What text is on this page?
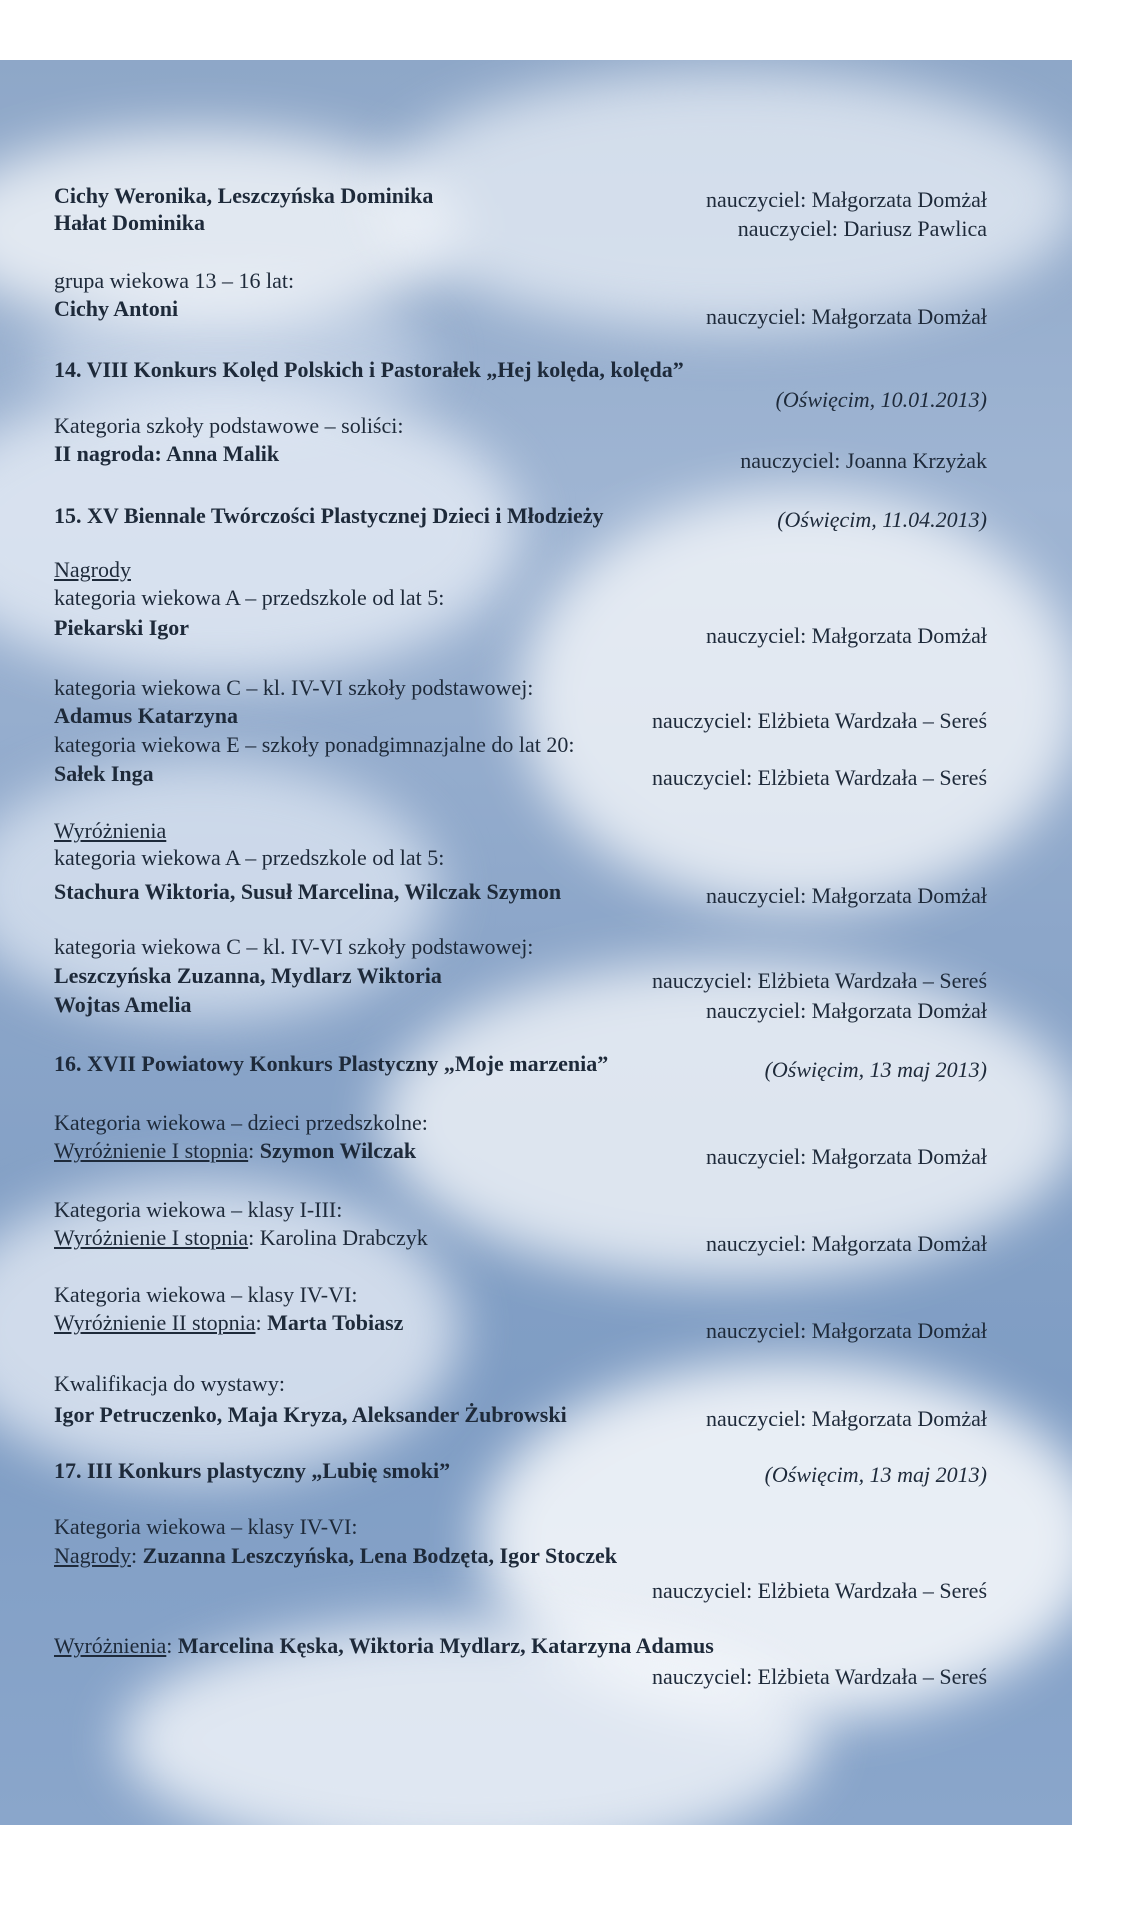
Cichy Weronika, Leszczyńska Dominika	nauczyciel: Małgorzata Domżał
Hałat Dominika	nauczyciel: Dariusz Pawlica
grupa wiekowa 13 – 16 lat:
Cichy Antoni	nauczyciel: Małgorzata Domżał
14. VIII Konkurs Kolęd Polskich i Pastorałek „Hej kolęda, kolęda”
(Oświęcim, 10.01.2013)
Kategoria szkoły podstawowe – soliści:
II nagroda: Anna Malik	nauczyciel: Joanna Krzyżak
15. XV Biennale Twórczości Plastycznej Dzieci i Młodzieży	(Oświęcim, 11.04.2013)
Nagrody
kategoria wiekowa A – przedszkole od lat 5:
Piekarski Igor	nauczyciel: Małgorzata Domżał
kategoria wiekowa C – kl. IV-VI szkoły podstawowej:
Adamus Katarzyna	nauczyciel: Elżbieta Wardzała – Sereś
kategoria wiekowa E – szkoły ponadgimnazjalne do lat 20:
Sałek Inga	nauczyciel: Elżbieta Wardzała – Sereś
Wyróżnienia
kategoria wiekowa A – przedszkole od lat 5:
Stachura Wiktoria, Susuł Marcelina, Wilczak Szymon	nauczyciel: Małgorzata Domżał
kategoria wiekowa C – kl. IV-VI szkoły podstawowej:
Leszczyńska Zuzanna, Mydlarz Wiktoria	nauczyciel: Elżbieta Wardzała – Sereś
Wojtas Amelia	nauczyciel: Małgorzata Domżał
16. XVII Powiatowy Konkurs Plastyczny „Moje marzenia”	(Oświęcim, 13 maj 2013)
Kategoria wiekowa – dzieci przedszkolne:
Wyróżnienie I stopnia: Szymon Wilczak	nauczyciel: Małgorzata Domżał
Kategoria wiekowa – klasy I-III:
Wyróżnienie I stopnia: Karolina Drabczyk	nauczyciel: Małgorzata Domżał
Kategoria wiekowa – klasy IV-VI:
Wyróżnienie II stopnia: Marta Tobiasz	nauczyciel: Małgorzata Domżał
Kwalifikacja do wystawy:
Igor Petruczenko, Maja Kryza, Aleksander Żubrowski	nauczyciel: Małgorzata Domżał
17. III Konkurs plastyczny „Lubię smoki”	(Oświęcim, 13 maj 2013)
Kategoria wiekowa – klasy IV-VI:
Nagrody: Zuzanna Leszczyńska, Lena Bodzęta, Igor Stoczek
nauczyciel: Elżbieta Wardzała – Sereś
Wyróżnienia: Marcelina Kęska, Wiktoria Mydlarz, Katarzyna Adamus
nauczyciel: Elżbieta Wardzała – Sereś
